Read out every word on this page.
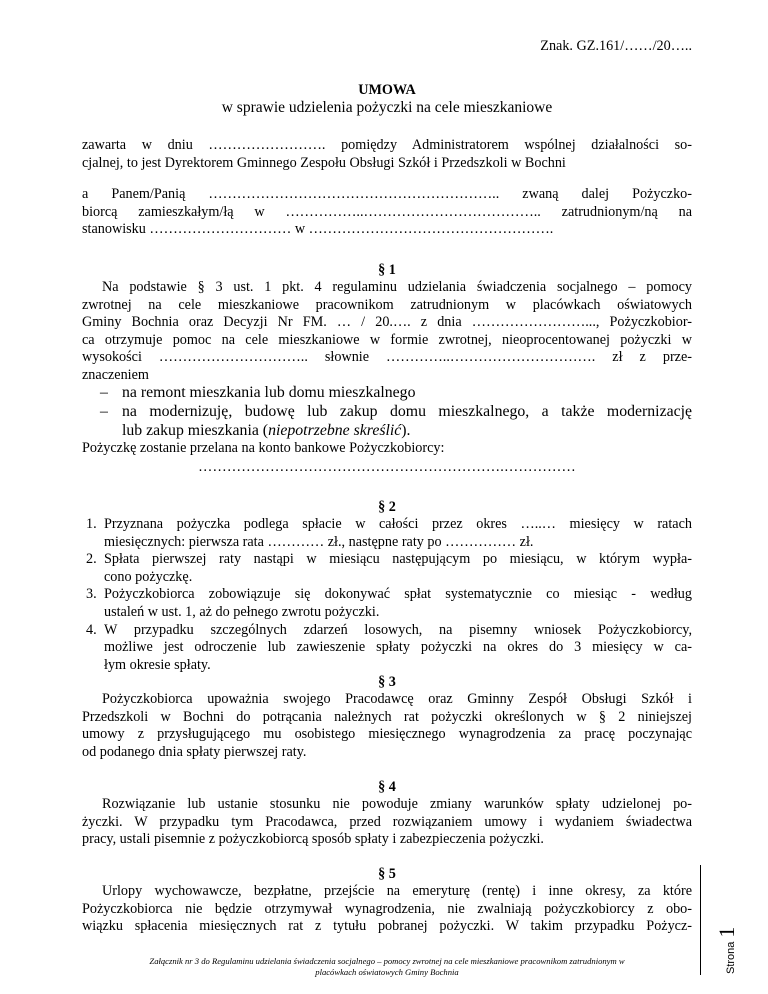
Znak. GZ.161/……/20…..
UMOWA
w sprawie udzielenia pożyczki na cele mieszkaniowe
zawarta w dniu ……………………. pomiędzy Administratorem wspólnej działalności so-
cjalnej, to jest Dyrektorem Gminnego Zespołu Obsługi Szkół i Przedszkoli w Bochni
a Panem/Panią …………………………………………………….. zwaną dalej Pożyczko-
biorcą zamieszkałym/łą w ……………..……………………………….. zatrudnionym/ną na
stanowisku ………………………… w …………………………………………….
§ 1
Na podstawie § 3 ust. 1 pkt. 4 regulaminu udzielania świadczenia socjalnego – pomocy
zwrotnej na cele mieszkaniowe pracownikom zatrudnionym w placówkach oświatowych
Gminy Bochnia oraz Decyzji Nr FM. … / 20.…. z dnia ……………………..., Pożyczkobior-
ca otrzymuje pomoc na cele mieszkaniowe w formie zwrotnej, nieoprocentowanej pożyczki w
wysokości ………………………….. słownie …………..…………………………. zł z prze-
znaczeniem
– na remont mieszkania lub domu mieszkalnego
– na modernizuję, budowę lub zakup domu mieszkalnego, a także modernizację
lub zakup mieszkania (niepotrzebne skreślić).
Pożyczkę zostanie przelana na konto bankowe Pożyczkobiorcy:
……………………………………………………….……………
§ 2
1. Przyznana pożyczka podlega spłacie w całości przez okres …..… miesięcy w ratach
miesięcznych: pierwsza rata ………… zł., następne raty po …………… zł.
2. Spłata pierwszej raty nastąpi w miesiącu następującym po miesiącu, w którym wypła-
cono pożyczkę.
3. Pożyczkobiorca zobowiązuje się dokonywać spłat systematycznie co miesiąc - według
ustaleń w ust. 1, aż do pełnego zwrotu pożyczki.
4. W przypadku szczególnych zdarzeń losowych, na pisemny wniosek Pożyczkobiorcy,
możliwe jest odroczenie lub zawieszenie spłaty pożyczki na okres do 3 miesięcy w ca-
łym okresie spłaty.
§ 3
Pożyczkobiorca upoważnia swojego Pracodawcę oraz Gminny Zespół Obsługi Szkół i
Przedszkoli w Bochni do potrącania należnych rat pożyczki określonych w § 2 niniejszej
umowy z przysługującego mu osobistego miesięcznego wynagrodzenia za pracę poczynając
od podanego dnia spłaty pierwszej raty.
§ 4
Rozwiązanie lub ustanie stosunku nie powoduje zmiany warunków spłaty udzielonej po-
życzki. W przypadku tym Pracodawca, przed rozwiązaniem umowy i wydaniem świadectwa
pracy, ustali pisemnie z pożyczkobiorcą sposób spłaty i zabezpieczenia pożyczki.
§ 5
Urlopy wychowawcze, bezpłatne, przejście na emeryturę (rentę) i inne okresy, za które
Pożyczkobiorca nie będzie otrzymywał wynagrodzenia, nie zwalniają pożyczkobiorcy z obo-
wiązku spłacenia miesięcznych rat z tytułu pobranej pożyczki. W takim przypadku Pożycz-
Załącznik nr 3 do Regulaminu udzielania świadczenia socjalnego – pomocy zwrotnej na cele mieszkaniowe pracownikom zatrudnionym w
placówkach oświatowych Gminy Bochnia	Strona 1
